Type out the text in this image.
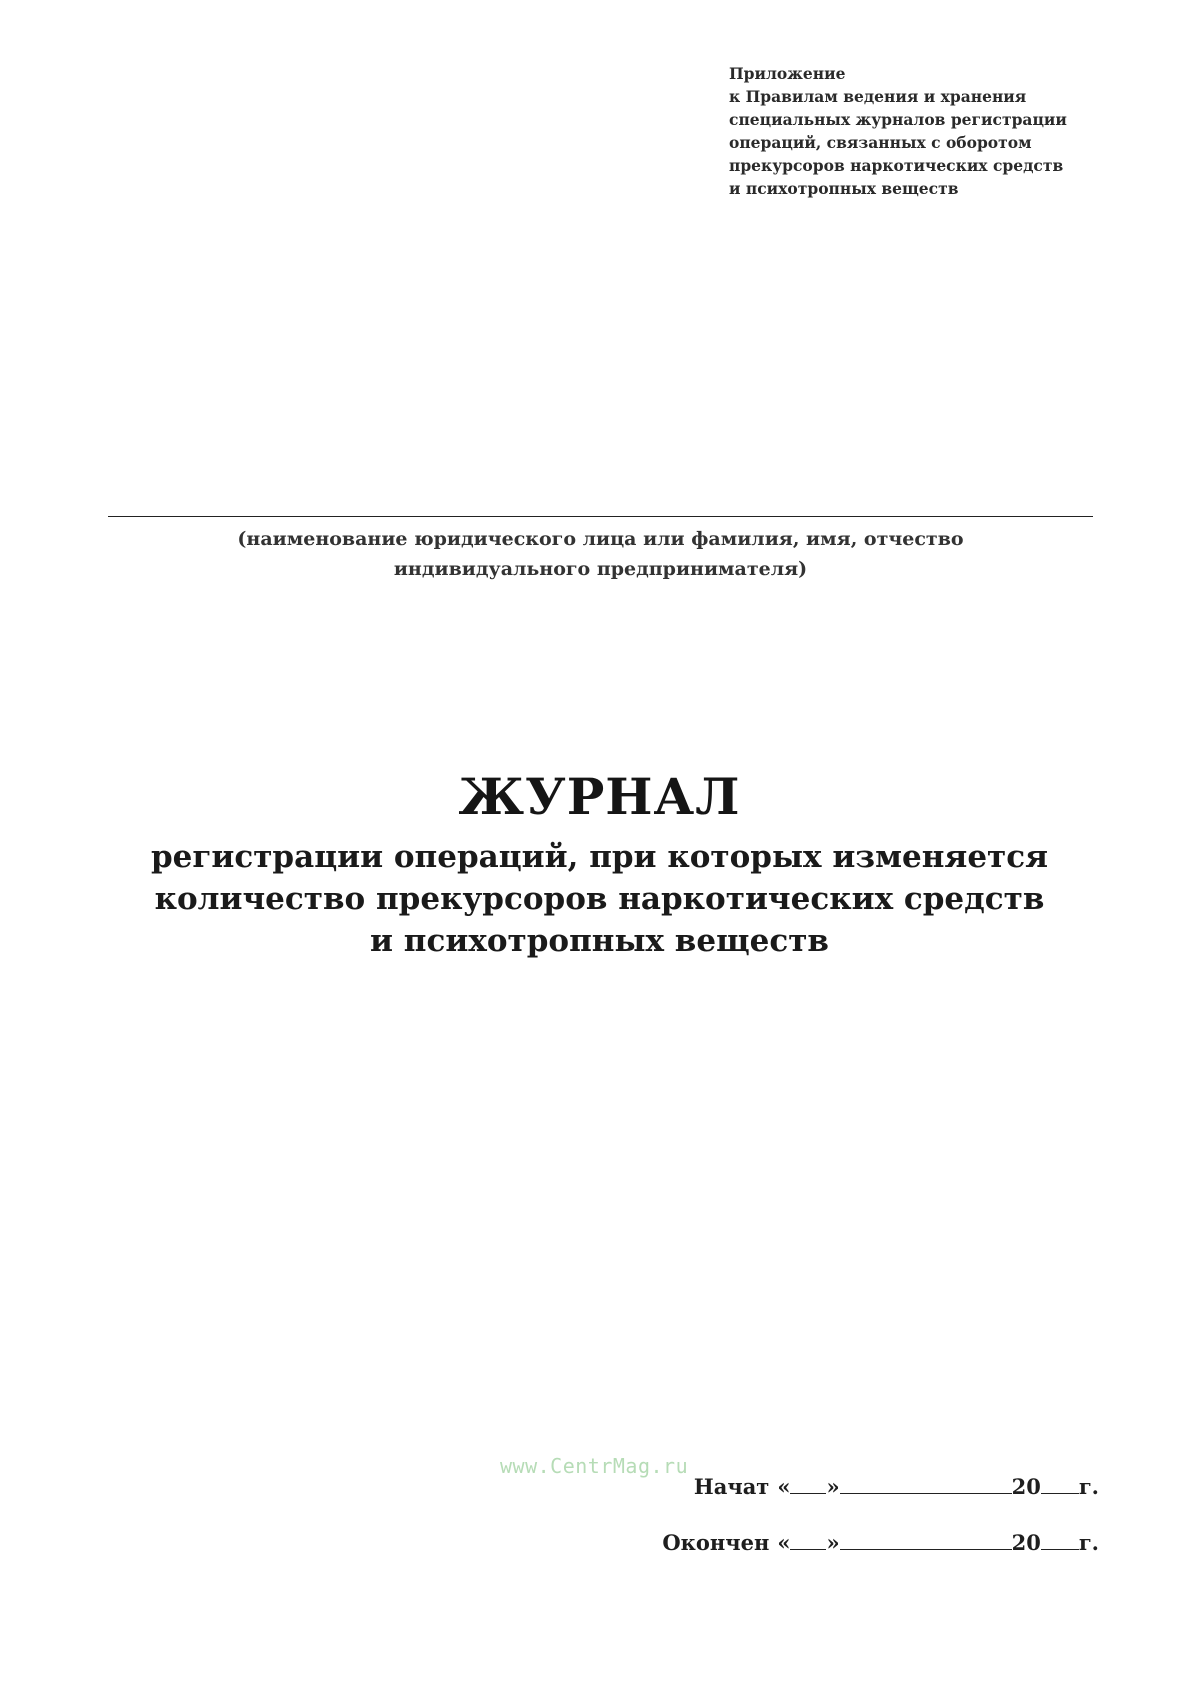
Приложение
к Правилам ведения и хранения
специальных журналов регистрации
операций, связанных с оборотом
прекурсоров наркотических средств
и психотропных веществ
(наименование юридического лица или фамилия, имя, отчество
индивидуального предпринимателя)
ЖУРНАЛ
регистрации операций, при которых изменяется
количество прекурсоров наркотических средств
и психотропных веществ
www.CentrMag.ru
Начат « »	20 г.
Окончен « »	20 г.
